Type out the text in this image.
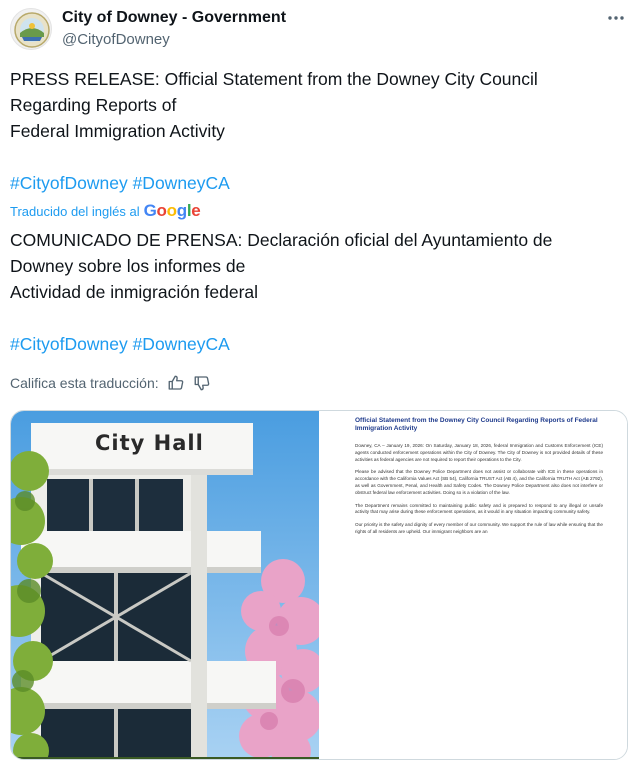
City of Downey - Government
@CityofDowney
PRESS RELEASE: Official Statement from the Downey City Council
Regarding Reports of
Federal Immigration Activity
#CityofDowney #DowneyCA
Traducido del inglés al Google
COMUNICADO DE PRENSA: Declaración oficial del Ayuntamiento de
Downey sobre los informes de
Actividad de inmigración federal
#CityofDowney #DowneyCA
Califica esta traducción:
City Hall
Official Statement from the Downey City Council Regarding Reports of Federal Immigration Activity
Downey, CA – January 19, 2026: On Saturday, January 18, 2026, federal Immigration and Customs Enforcement (ICE) agents conducted enforcement operations within the City of Downey. The City of Downey is not provided details of these activities as federal agencies are not required to report their operations to the City.
Please be advised that the Downey Police Department does not assist or collaborate with ICE in these operations in accordance with the California Values Act (SB 54), California TRUST Act (AB 4), and the California TRUTH Act (AB 2792), as well as Government, Penal, and Health and Safety Codes. The Downey Police Department also does not interfere or obstruct federal law enforcement activities. Doing so is a violation of the law.
The Department remains committed to maintaining public safety and is prepared to respond to any illegal or unsafe activity that may arise during these enforcement operations, as it would in any situation impacting community safety.
Our priority is the safety and dignity of every member of our community. We support the rule of law while ensuring that the rights of all residents are upheld. Our immigrant neighbors are an
